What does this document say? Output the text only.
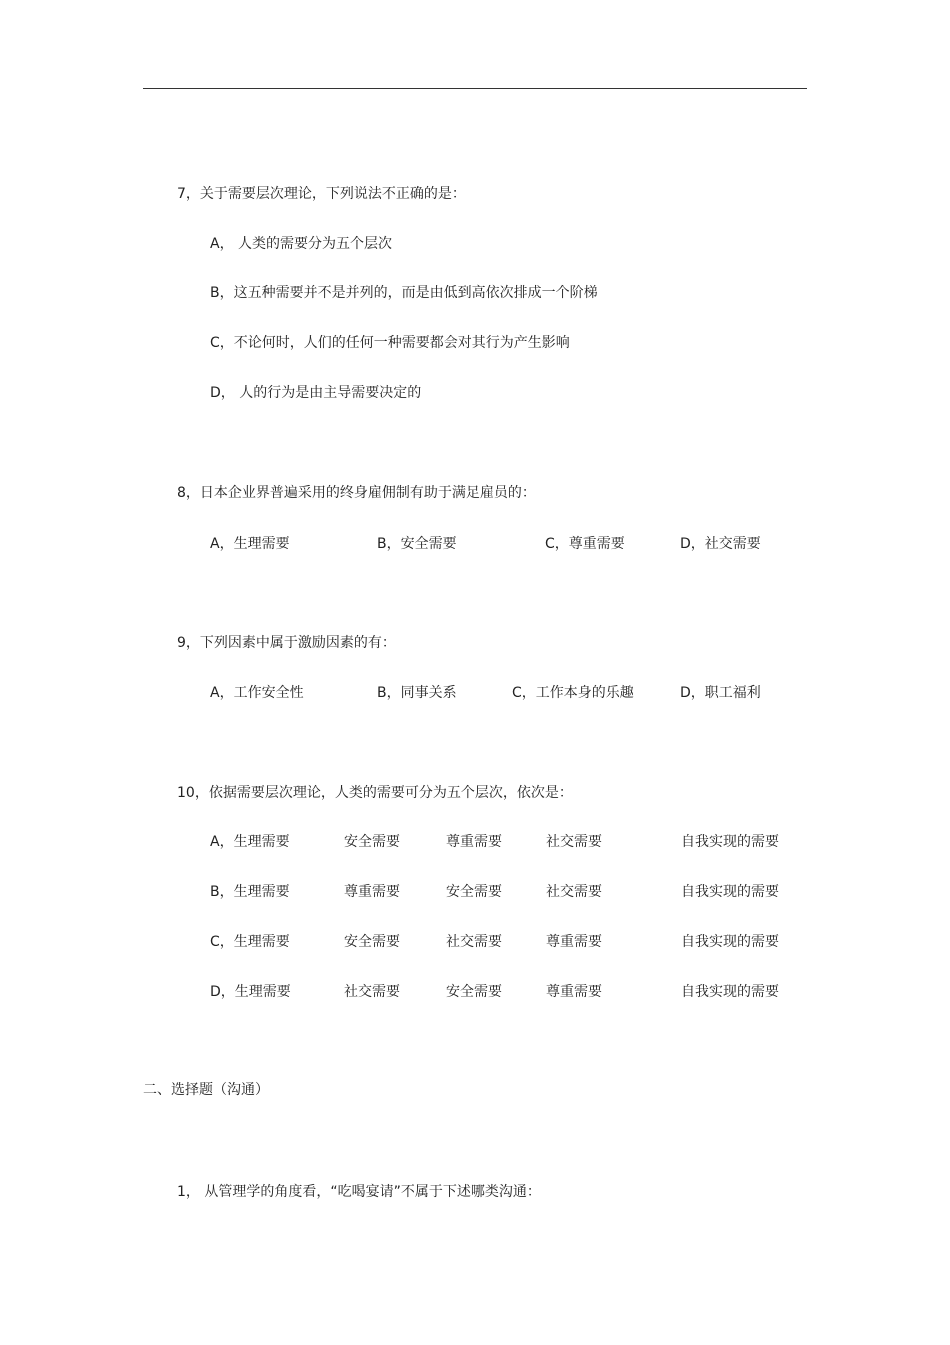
7，关于需要层次理论，下列说法不正确的是：
A， 人类的需要分为五个层次
B，这五种需要并不是并列的，而是由低到高依次排成一个阶梯
C，不论何时，人们的任何一种需要都会对其行为产生影响
D， 人的行为是由主导需要决定的
8，日本企业界普遍采用的终身雇佣制有助于满足雇员的：
A，生理需要	B，安全需要	C，尊重需要	D，社交需要
9，下列因素中属于激励因素的有：
A，工作安全性	B，同事关系	C，工作本身的乐趣	D，职工福利
10，依据需要层次理论，人类的需要可分为五个层次，依次是：
A，生理需要	安全需要	尊重需要	社交需要	自我实现的需要
B，生理需要	尊重需要	安全需要	社交需要	自我实现的需要
C，生理需要	安全需要	社交需要	尊重需要	自我实现的需要
D，生理需要	社交需要	安全需要	尊重需要	自我实现的需要
二、选择题（沟通）
1， 从管理学的角度看，“吃喝宴请”不属于下述哪类沟通：
